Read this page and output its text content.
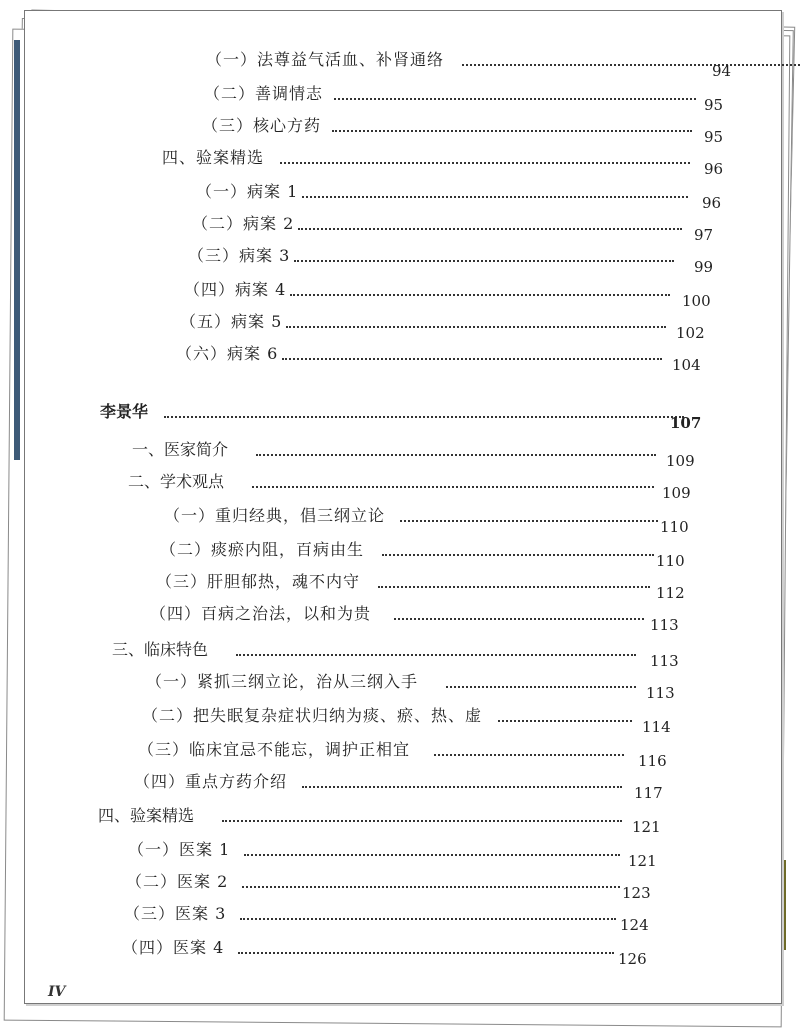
（一）法尊益气活血、补肾通络
94
（二）善调情志
95
（三）核心方药
95
四、验案精选
96
（一）病案 1
96
（二）病案 2
97
（三）病案 3
99
（四）病案 4
100
（五）病案 5
102
（六）病案 6
104
李景华
107
一、医家简介
109
二、学术观点
109
（一）重归经典，倡三纲立论
110
（二）痰瘀内阻，百病由生
110
（三）肝胆郁热，魂不内守
112
（四）百病之治法，以和为贵
113
三、临床特色
113
（一）紧抓三纲立论，治从三纲入手
113
（二）把失眠复杂症状归纳为痰、瘀、热、虚
114
（三）临床宜忌不能忘，调护正相宜
116
（四）重点方药介绍
117
四、验案精选
121
（一）医案 1
121
（二）医案 2
123
（三）医案 3
124
（四）医案 4
126
IV
